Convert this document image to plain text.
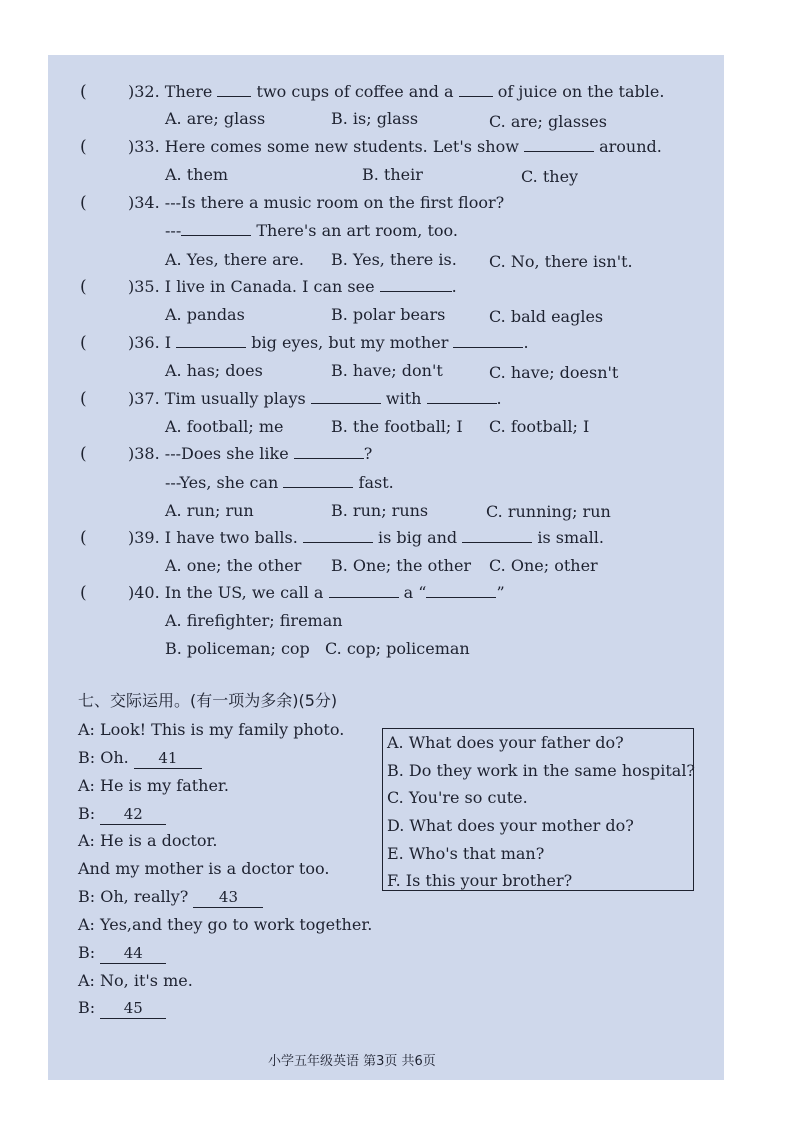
(	)32. There	two cups of coffee and a	of juice on the table.
A. are; glass	B. is; glass	C. are; glasses
(	)33. Here comes some new students. Let's show	around.
A. them	B. their	C. they
(	)34. ---Is there a music room on the first floor?
---	There's an art room, too.
A. Yes, there are. B. Yes, there is. C. No, there isn't.
(	)35. I live in Canada. I can see	.
A. pandas	B. polar bears	C. bald eagles
(	)36. I	big eyes, but my mother	.
A. has; does	B. have; don't	C. have; doesn't
(	)37. Tim usually plays	with	.
A. football; me	B. the football; I C. football; I
(	)38. ---Does she like	?
---Yes, she can	fast.
A. run; run	B. run; runs	C. running; run
(	)39. I have two balls.	is big and	is small.
A. one; the other B. One; the other C. One; other
(	)40. In the US, we call a	a “	”
A. firefighter; fireman
B. policeman; cop C. cop; policeman
七、交际运用。(有一项为多余)(5分)
A: Look! This is my family photo.
B: Oh. 41
A: He is my father.
B: 42
A: He is a doctor.
And my mother is a doctor too.
B: Oh, really? 43
A: Yes,and they go to work together.
B: 44
A: No, it's me.
B: 45
A. What does your father do?
B. Do they work in the same hospital?
C. You're so cute.
D. What does your mother do?
E. Who's that man?
F. Is this your brother?
小学五年级英语 第3页 共6页
